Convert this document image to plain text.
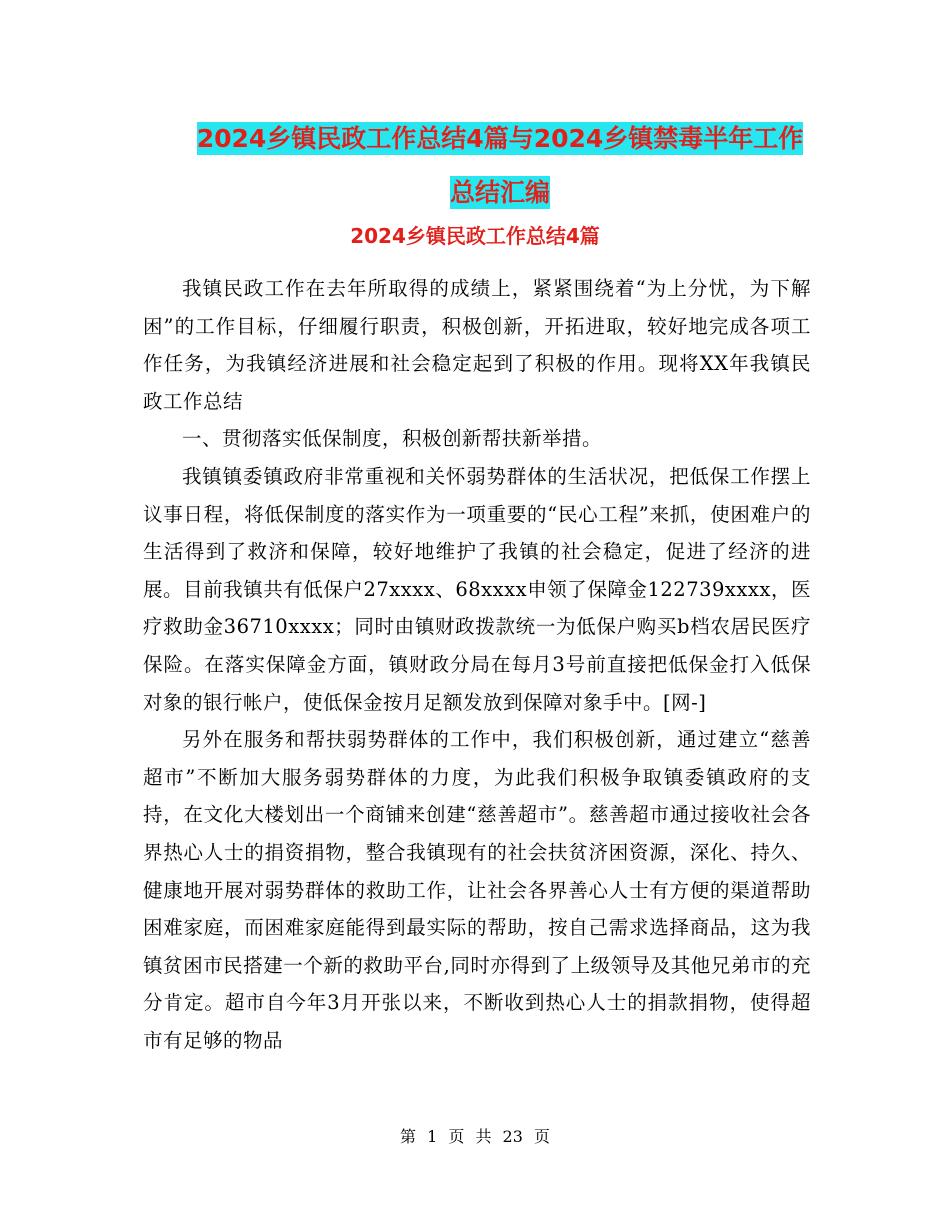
2024乡镇民政工作总结4篇与2024乡镇禁毒半年工作
总结汇编
2024乡镇民政工作总结4篇

我镇民政工作在去年所取得的成绩上，紧紧围绕着“为上分忧，为下解困”的工作目标，仔细履行职责，积极创新，开拓进取，较好地完成各项工作任务，为我镇经济进展和社会稳定起到了积极的作用。现将XX年我镇民政工作总结

一、贯彻落实低保制度，积极创新帮扶新举措。

我镇镇委镇政府非常重视和关怀弱势群体的生活状况，把低保工作摆上议事日程，将低保制度的落实作为一项重要的“民心工程”来抓，使困难户的生活得到了救济和保障，较好地维护了我镇的社会稳定，促进了经济的进展。目前我镇共有低保户27xxxx、68xxxx申领了保障金122739xxxx，医疗救助金36710xxxx；同时由镇财政拨款统一为低保户购买b档农居民医疗保险。在落实保障金方面，镇财政分局在每月3号前直接把低保金打入低保对象的银行帐户，使低保金按月足额发放到保障对象手中。[网-]

另外在服务和帮扶弱势群体的工作中，我们积极创新，通过建立“慈善超市”不断加大服务弱势群体的力度，为此我们积极争取镇委镇政府的支持，在文化大楼划出一个商铺来创建“慈善超市”。慈善超市通过接收社会各界热心人士的捐资捐物，整合我镇现有的社会扶贫济困资源，深化、持久、健康地开展对弱势群体的救助工作，让社会各界善心人士有方便的渠道帮助困难家庭，而困难家庭能得到最实际的帮助，按自己需求选择商品，这为我镇贫困市民搭建一个新的救助平台,同时亦得到了上级领导及其他兄弟市的充分肯定。超市自今年3月开张以来，不断收到热心人士的捐款捐物，使得超市有足够的物品

第 1 页 共 23 页
